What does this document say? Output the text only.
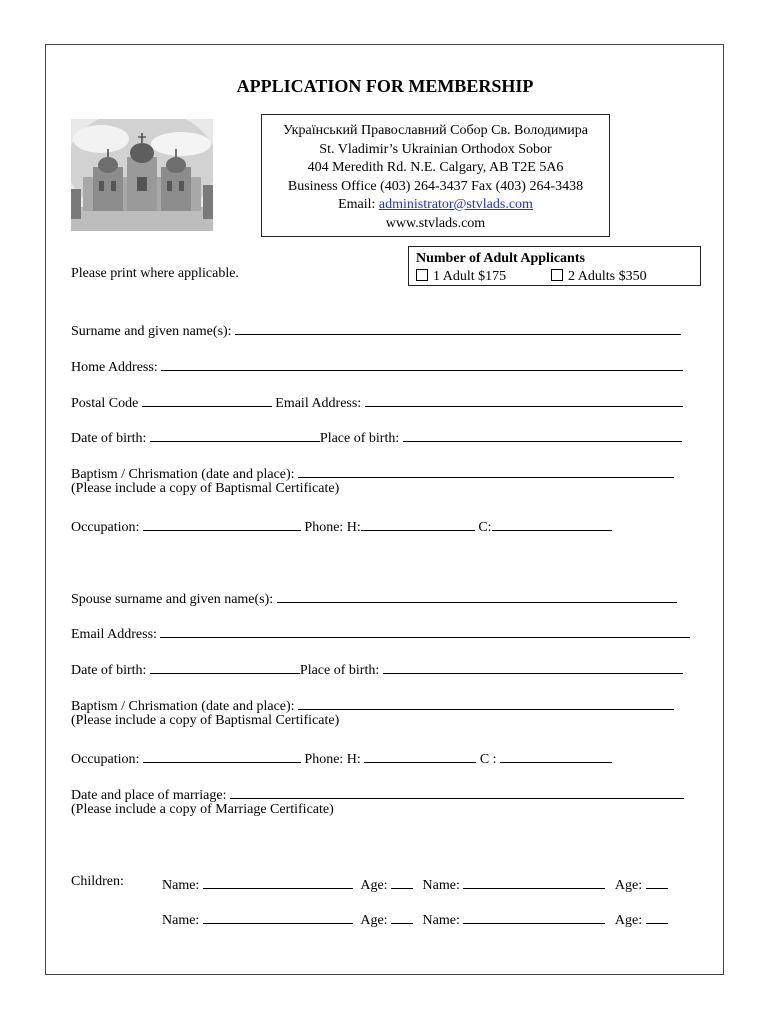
APPLICATION FOR MEMBERSHIP
Український Православний Собор Св. Володимира
St. Vladimir’s Ukrainian Orthodox Sobor
404 Meredith Rd. N.E. Calgary, AB T2E 5A6
Business Office (403) 264-3437 Fax (403) 264-3438
Email: administrator@stvlads.com
www.stvlads.com
Number of Adult Applicants
1 Adult $175	2 Adults $350
Please print where applicable.
Surname and given name(s):
Home Address:
Postal Code	Email Address:
Date of birth:	Place of birth:
Baptism / Chrismation (date and place):
(Please include a copy of Baptismal Certificate)
Occupation:	Phone: H:	C:
Spouse surname and given name(s):
Email Address:
Date of birth:	Place of birth:
Baptism / Chrismation (date and place):
(Please include a copy of Baptismal Certificate)
Occupation:	Phone: H:	C :
Date and place of marriage:
(Please include a copy of Marriage Certificate)
Children:	Name:	Age:	Name:	Age:
Name:	Age:	Name:	Age:
